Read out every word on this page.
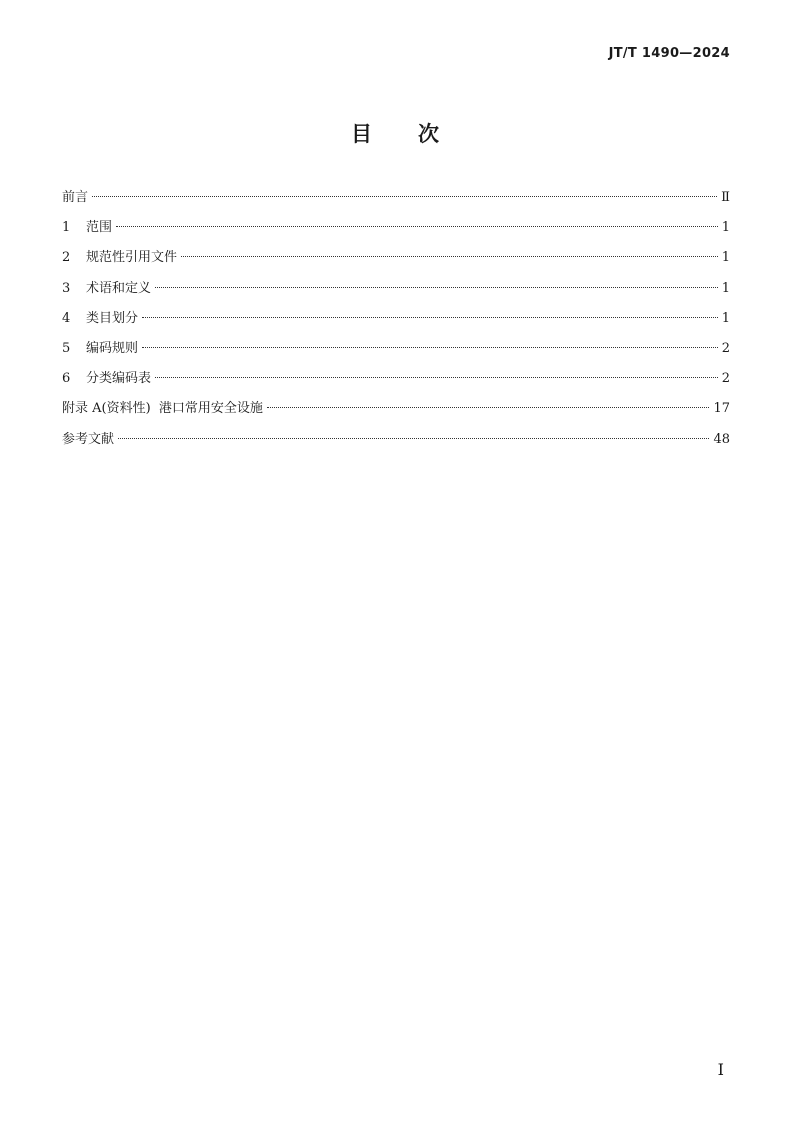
JT/T 1490—2024
目 次
前言	Ⅱ
1	范围	1
2	规范性引用文件	1
3	术语和定义	1
4	类目划分	1
5	编码规则	2
6	分类编码表	2
附录 A(资料性)  港口常用安全设施	17
参考文献	48
I
